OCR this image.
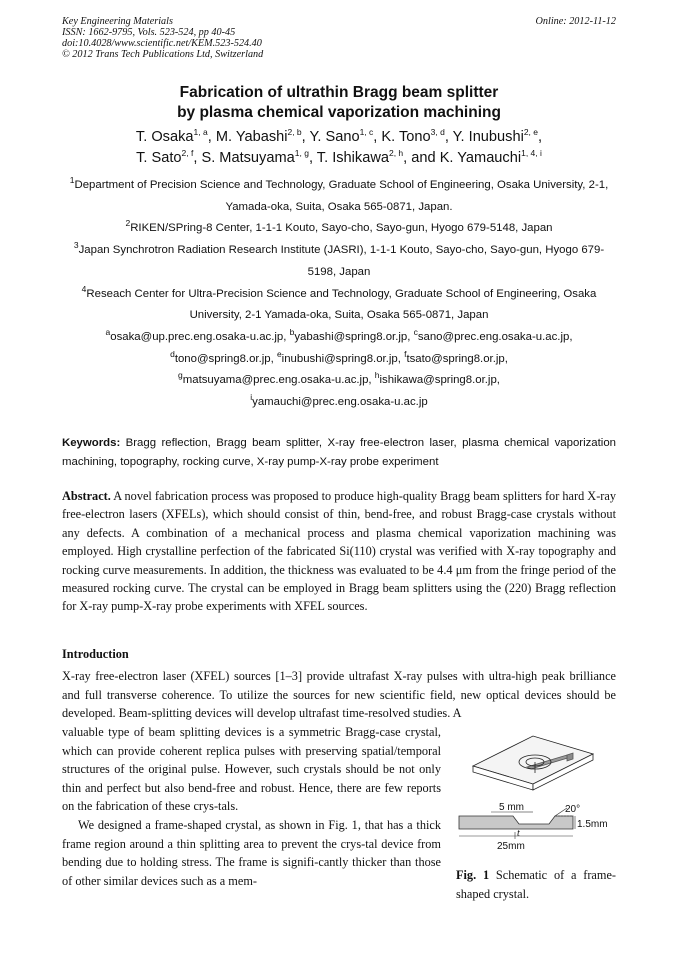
Key Engineering Materials
ISSN: 1662-9795, Vols. 523-524, pp 40-45
doi:10.4028/www.scientific.net/KEM.523-524.40
© 2012 Trans Tech Publications Ltd, Switzerland
Online: 2012-11-12
Fabrication of ultrathin Bragg beam splitter
by plasma chemical vaporization machining
T. Osaka$^{1, a}$, M. Yabashi$^{2, b}$, Y. Sano$^{1, c}$, K. Tono$^{3, d}$, Y. Inubushi$^{2, e}$,
T. Sato$^{2, f}$, S. Matsuyama$^{1, g}$, T. Ishikawa$^{2, h}$, and K. Yamauchi$^{1, 4, i}$
$^1$Department of Precision Science and Technology, Graduate School of Engineering, Osaka University, 2-1, Yamada-oka, Suita, Osaka 565-0871, Japan.
$^2$RIKEN/SPring-8 Center, 1-1-1 Kouto, Sayo-cho, Sayo-gun, Hyogo 679-5148, Japan
$^3$Japan Synchrotron Radiation Research Institute (JASRI), 1-1-1 Kouto, Sayo-cho, Sayo-gun, Hyogo 679-5198, Japan
$^4$Reseach Center for Ultra-Precision Science and Technology, Graduate School of Engineering, Osaka University, 2-1 Yamada-oka, Suita, Osaka 565-0871, Japan
$^a$osaka@up.prec.eng.osaka-u.ac.jp, $^b$yabashi@spring8.or.jp, $^c$sano@prec.eng.osaka-u.ac.jp,
$^d$tono@spring8.or.jp, $^e$inubushi@spring8.or.jp, $^f$tsato@spring8.or.jp,
$^g$matsuyama@prec.eng.osaka-u.ac.jp, $^h$ishikawa@spring8.or.jp,
$^i$yamauchi@prec.eng.osaka-u.ac.jp
Keywords: Bragg reflection, Bragg beam splitter, X-ray free-electron laser, plasma chemical vaporization machining, topography, rocking curve, X-ray pump-X-ray probe experiment
Abstract. A novel fabrication process was proposed to produce high-quality Bragg beam splitters for hard X-ray free-electron lasers (XFELs), which should consist of thin, bend-free, and robust Bragg-case crystals without any defects. A combination of a mechanical process and plasma chemical vaporization machining was employed. High crystalline perfection of the fabricated Si(110) crystal was verified with X-ray topography and rocking curve measurements. In addition, the thickness was evaluated to be 4.4 μm from the fringe period of the measured rocking curve. The crystal can be employed in Bragg beam splitters using the (220) Bragg reflection for X-ray pump-X-ray probe experiments with XFEL sources.
Introduction
X-ray free-electron laser (XFEL) sources [1–3] provide ultrafast X-ray pulses with ultra-high peak brilliance and full transverse coherence. To utilize the sources for new scientific field, new optical devices should be developed. Beam-splitting devices will develop ultrafast time-resolved studies. A

valuable type of beam splitting devices is a symmetric Bragg-case crystal, which can provide coherent replica pulses with preserving spatial/temporal structures of the original pulse. However, such crystals should be not only thin and perfect but also bend-free and robust. Hence, there are few reports on the fabrication of these crys-tals.

We designed a frame-shaped crystal, as shown in Fig. 1, that has a thick frame region around a thin splitting area to prevent the crys-tal device from bending due to holding stress. The frame is signifi-cantly thicker than those of other similar devices such as a mem-

5 mm	20°
1.5mm
t
25mm
Fig. 1 Schematic of a frame- shaped crystal.
